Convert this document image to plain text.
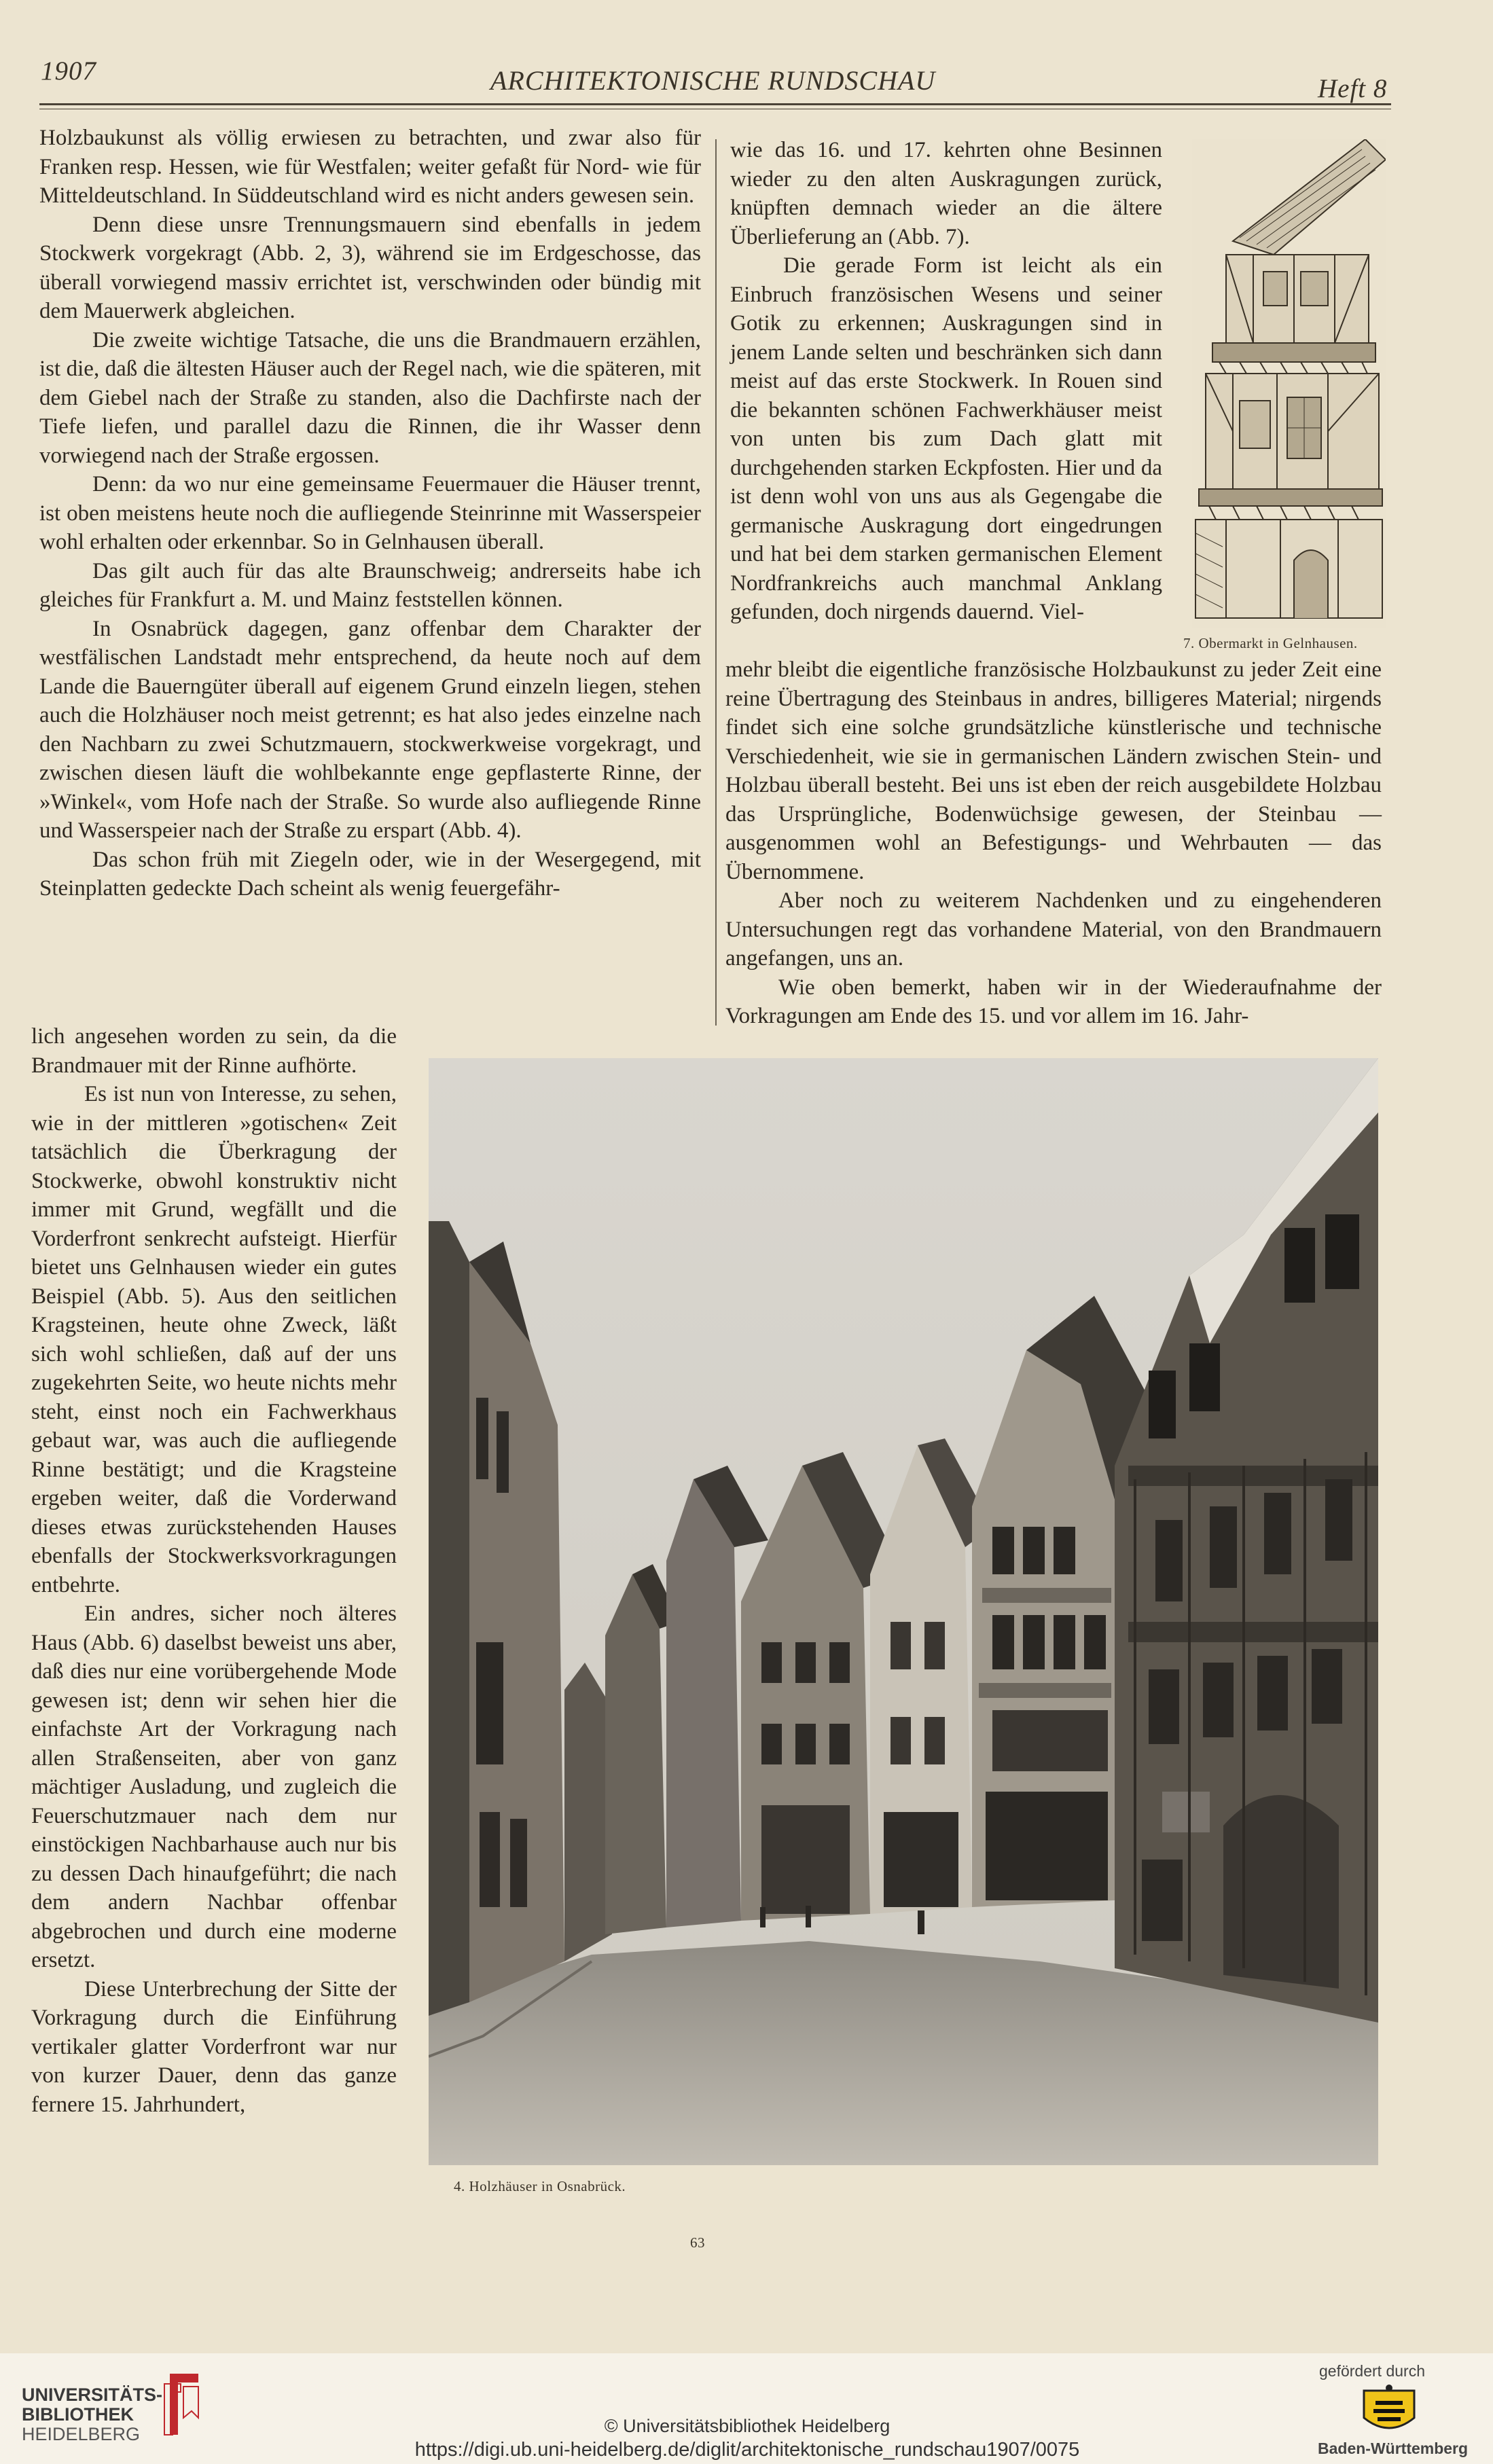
1907	ARCHITEKTONISCHE RUNDSCHAU	Heft 8

Holzbaukunst als völlig erwiesen zu betrachten, und zwar also für Franken resp. Hessen, wie für Westfalen; weiter gefaßt für Nord- wie für Mitteldeutschland. In Süddeutschland wird es nicht anders gewesen sein.

Denn diese unsre Trennungsmauern sind ebenfalls in jedem Stockwerk vorgekragt (Abb. 2, 3), während sie im Erdgeschosse, das überall vorwiegend massiv errichtet ist, verschwinden oder bündig mit dem Mauerwerk abgleichen.

Die zweite wichtige Tatsache, die uns die Brandmauern erzählen, ist die, daß die ältesten Häuser auch der Regel nach, wie die späteren, mit dem Giebel nach der Straße zu standen, also die Dachfirste nach der Tiefe liefen, und parallel dazu die Rinnen, die ihr Wasser denn vorwiegend nach der Straße ergossen.

Denn: da wo nur eine gemeinsame Feuermauer die Häuser trennt, ist oben meistens heute noch die aufliegende Steinrinne mit Wasserspeier wohl erhalten oder erkennbar. So in Gelnhausen überall.

Das gilt auch für das alte Braunschweig; andrerseits habe ich gleiches für Frankfurt a. M. und Mainz feststellen können.

In Osnabrück dagegen, ganz offenbar dem Charakter der westfälischen Landstadt mehr entsprechend, da heute noch auf dem Lande die Bauerngüter überall auf eigenem Grund einzeln liegen, stehen auch die Holzhäuser noch meist getrennt; es hat also jedes einzelne nach den Nachbarn zu zwei Schutzmauern, stockwerkweise vorgekragt, und zwischen diesen läuft die wohlbekannte enge gepflasterte Rinne, der »Winkel«, vom Hofe nach der Straße. So wurde also aufliegende Rinne und Wasserspeier nach der Straße zu erspart (Abb. 4).

Das schon früh mit Ziegeln oder, wie in der Wesergegend, mit Steinplatten gedeckte Dach scheint als wenig feuergefähr-

lich angesehen worden zu sein, da die Brandmauer mit der Rinne aufhörte.

Es ist nun von Interesse, zu sehen, wie in der mittleren »gotischen« Zeit tatsächlich die Überkragung der Stockwerke, obwohl konstruktiv nicht immer mit Grund, wegfällt und die Vorderfront senkrecht aufsteigt. Hierfür bietet uns Gelnhausen wieder ein gutes Beispiel (Abb. 5). Aus den seitlichen Kragsteinen, heute ohne Zweck, läßt sich wohl schließen, daß auf der uns zugekehrten Seite, wo heute nichts mehr steht, einst noch ein Fachwerkhaus gebaut war, was auch die aufliegende Rinne bestätigt; und die Kragsteine ergeben weiter, daß die Vorderwand dieses etwas zurückstehenden Hauses ebenfalls der Stockwerksvorkragungen entbehrte.

Ein andres, sicher noch älteres Haus (Abb. 6) daselbst beweist uns aber, daß dies nur eine vorübergehende Mode gewesen ist; denn wir sehen hier die einfachste Art der Vorkragung nach allen Straßenseiten, aber von ganz mächtiger Ausladung, und zugleich die Feuerschutzmauer nach dem nur einstöckigen Nachbarhause auch nur bis zu dessen Dach hinaufgeführt; die nach dem andern Nachbar offenbar abgebrochen und durch eine moderne ersetzt.

Diese Unterbrechung der Sitte der Vorkragung durch die Einführung vertikaler glatter Vorderfront war nur von kurzer Dauer, denn das ganze fernere 15. Jahrhundert,

wie das 16. und 17. kehrten ohne Besinnen wieder zu den alten Auskragungen zurück, knüpften demnach wieder an die ältere Überlieferung an (Abb. 7).

Die gerade Form ist leicht als ein Einbruch französischen Wesens und seiner Gotik zu erkennen; Auskragungen sind in jenem Lande selten und beschränken sich dann meist auf das erste Stockwerk. In Rouen sind die bekannten schönen Fachwerkhäuser meist von unten bis zum Dach glatt mit durchgehenden starken Eckpfosten. Hier und da ist denn wohl von uns aus als Gegengabe die germanische Auskragung dort eingedrungen und hat bei dem starken germanischen Element Nordfrankreichs auch manchmal Anklang gefunden, doch nirgends dauernd. Viel-

mehr bleibt die eigentliche französische Holzbaukunst zu jeder Zeit eine reine Übertragung des Steinbaus in andres, billigeres Material; nirgends findet sich eine solche grundsätzliche künstlerische und technische Verschiedenheit, wie sie in germanischen Ländern zwischen Stein- und Holzbau überall besteht. Bei uns ist eben der reich ausgebildete Holzbau das Ursprüngliche, Bodenwüchsige gewesen, der Steinbau — ausgenommen wohl an Befestigungs- und Wehrbauten — das Übernommene.

Aber noch zu weiterem Nachdenken und zu eingehenderen Untersuchungen regt das vorhandene Material, von den Brandmauern angefangen, uns an.

Wie oben bemerkt, haben wir in der Wiederaufnahme der Vorkragungen am Ende des 15. und vor allem im 16. Jahr-

7. Obermarkt in Gelnhausen.
4. Holzhäuser in Osnabrück.
63
UNIVERSITÄTS-
BIBLIOTHEK
HEIDELBERG	© Universitätsbibliothek Heidelberg
https://digi.ub.uni-heidelberg.de/diglit/architektonische_rundschau1907/0075
gefördert durch
Baden-Württemberg
